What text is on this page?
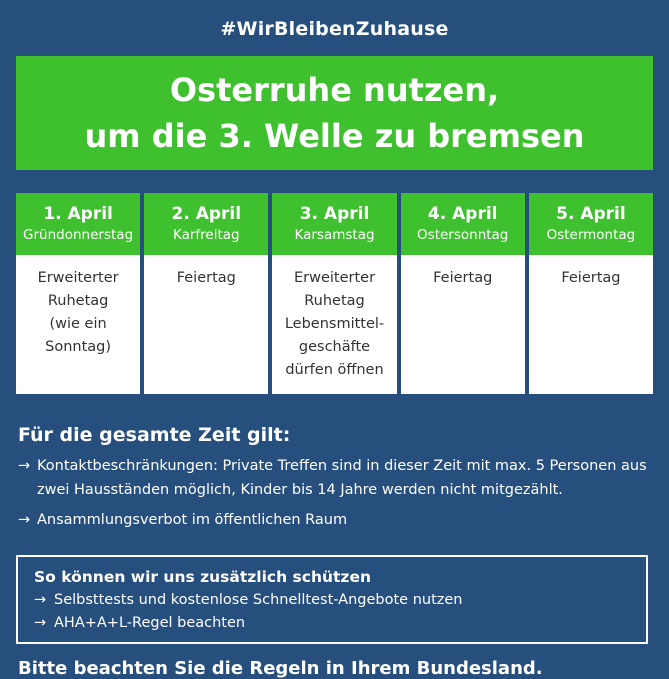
#WirBleibenZuhause
Osterruhe nutzen,
um die 3. Welle zu bremsen
1. April
Gründonnerstag
Erweiterter
Ruhetag
(wie ein
Sonntag)
2. April
Karfreitag
Feiertag
3. April
Karsamstag
Erweiterter
Ruhetag
Lebensmittel-
geschäfte
dürfen öffnen
4. April
Ostersonntag
Feiertag
5. April
Ostermontag
Feiertag
Für die gesamte Zeit gilt:
→ Kontaktbeschränkungen: Private Treffen sind in dieser Zeit mit max. 5 Personen aus zwei Hausständen möglich, Kinder bis 14 Jahre werden nicht mitgezählt.
→ Ansammlungsverbot im öffentlichen Raum
So können wir uns zusätzlich schützen
→ Selbsttests und kostenlose Schnelltest-Angebote nutzen
→ AHA+A+L-Regel beachten
Bitte beachten Sie die Regeln in Ihrem Bundesland.
